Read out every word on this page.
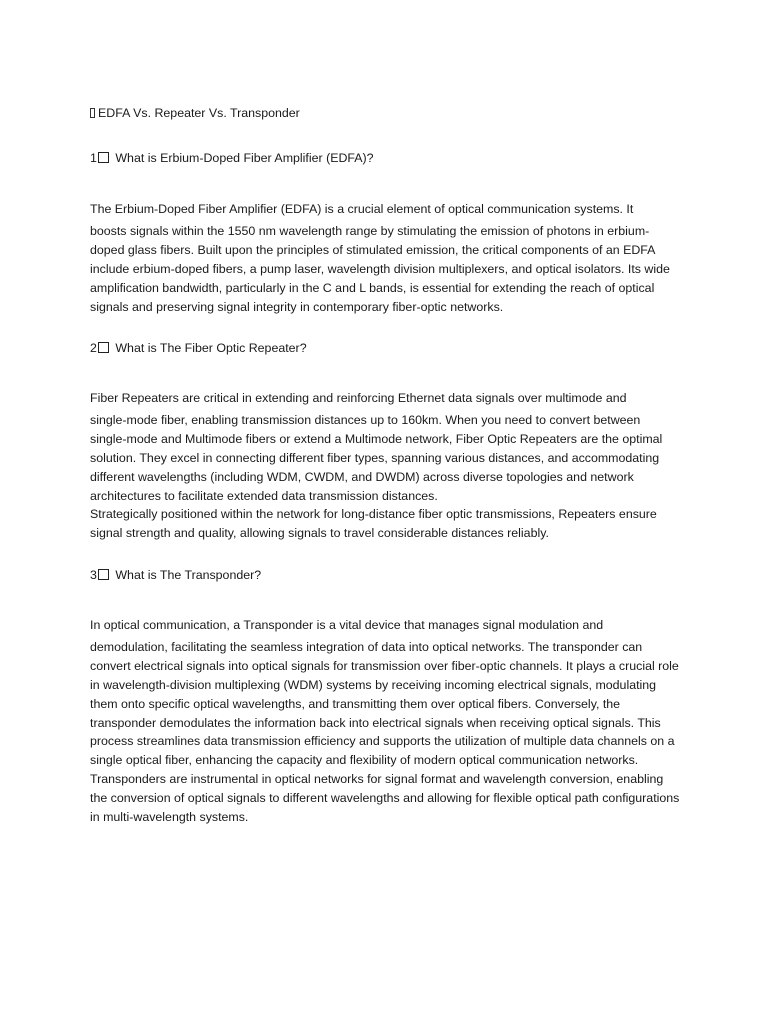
EDFA Vs. Repeater Vs. Transponder
1 What is Erbium-Doped Fiber Amplifier (EDFA)?
The Erbium-Doped Fiber Amplifier (EDFA) is a crucial element of optical communication systems. It
boosts signals within the 1550 nm wavelength range by stimulating the emission of photons in erbium-doped glass fibers. Built upon the principles of stimulated emission, the critical components of an EDFA include erbium-doped fibers, a pump laser, wavelength division multiplexers, and optical isolators. Its wide amplification bandwidth, particularly in the C and L bands, is essential for extending the reach of optical signals and preserving signal integrity in contemporary fiber-optic networks.
2 What is The Fiber Optic Repeater?
Fiber Repeaters are critical in extending and reinforcing Ethernet data signals over multimode and
single-mode fiber, enabling transmission distances up to 160km. When you need to convert between single-mode and Multimode fibers or extend a Multimode network, Fiber Optic Repeaters are the optimal solution. They excel in connecting different fiber types, spanning various distances, and accommodating different wavelengths (including WDM, CWDM, and DWDM) across diverse topologies and network architectures to facilitate extended data transmission distances.
Strategically positioned within the network for long-distance fiber optic transmissions, Repeaters ensure signal strength and quality, allowing signals to travel considerable distances reliably.
3 What is The Transponder?
In optical communication, a Transponder is a vital device that manages signal modulation and
demodulation, facilitating the seamless integration of data into optical networks. The transponder can convert electrical signals into optical signals for transmission over fiber-optic channels. It plays a crucial role in wavelength-division multiplexing (WDM) systems by receiving incoming electrical signals, modulating them onto specific optical wavelengths, and transmitting them over optical fibers. Conversely, the transponder demodulates the information back into electrical signals when receiving optical signals. This process streamlines data transmission efficiency and supports the utilization of multiple data channels on a single optical fiber, enhancing the capacity and flexibility of modern optical communication networks.
Transponders are instrumental in optical networks for signal format and wavelength conversion, enabling the conversion of optical signals to different wavelengths and allowing for flexible optical path configurations in multi-wavelength systems.
